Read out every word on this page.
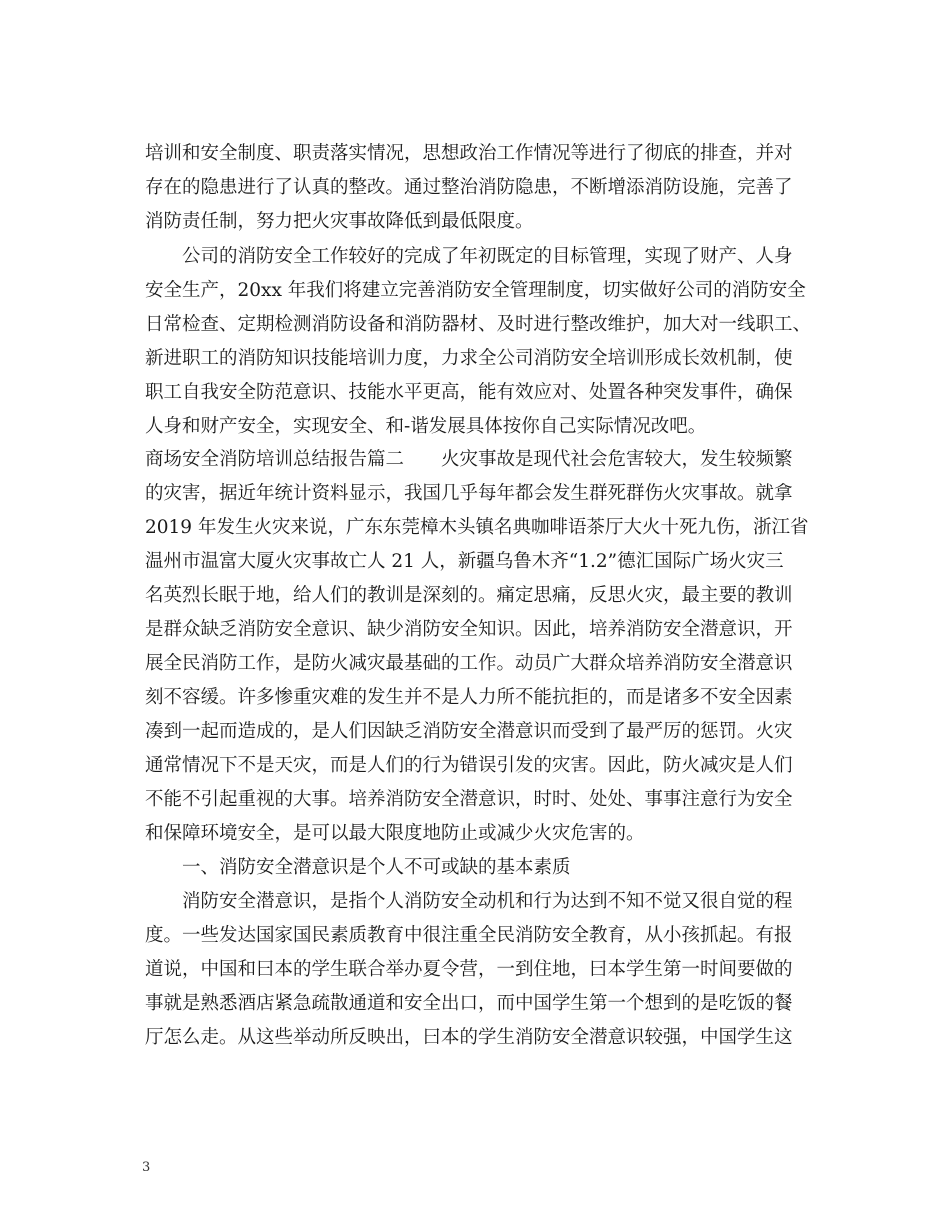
培训和安全制度、职责落实情况，思想政治工作情况等进行了彻底的排查，并对
存在的隐患进行了认真的整改。通过整治消防隐患，不断增添消防设施，完善了
消防责任制，努力把火灾事故降低到最低限度。
公司的消防安全工作较好的完成了年初既定的目标管理，实现了财产、人身
安全生产，20xx 年我们将建立完善消防安全管理制度，切实做好公司的消防安全
日常检查、定期检测消防设备和消防器材、及时进行整改维护，加大对一线职工、
新进职工的消防知识技能培训力度，力求全公司消防安全培训形成长效机制，使
职工自我安全防范意识、技能水平更高，能有效应对、处置各种突发事件，确保
人身和财产安全，实现安全、和-谐发展具体按你自己实际情况改吧。
商场安全消防培训总结报告篇二　　火灾事故是现代社会危害较大，发生较频繁
的灾害，据近年统计资料显示，我国几乎每年都会发生群死群伤火灾事故。就拿
2019 年发生火灾来说，广东东莞樟木头镇名典咖啡语茶厅大火十死九伤，浙江省
温州市温富大厦火灾事故亡人 21 人，新疆乌鲁木齐“1.2”德汇国际广场火灾三
名英烈长眠于地，给人们的教训是深刻的。痛定思痛，反思火灾，最主要的教训
是群众缺乏消防安全意识、缺少消防安全知识。因此，培养消防安全潜意识，开
展全民消防工作，是防火减灾最基础的工作。动员广大群众培养消防安全潜意识
刻不容缓。许多惨重灾难的发生并不是人力所不能抗拒的，而是诸多不安全因素
凑到一起而造成的，是人们因缺乏消防安全潜意识而受到了最严厉的惩罚。火灾
通常情况下不是天灾，而是人们的行为错误引发的灾害。因此，防火减灾是人们
不能不引起重视的大事。培养消防安全潜意识，时时、处处、事事注意行为安全
和保障环境安全，是可以最大限度地防止或减少火灾危害的。
一、消防安全潜意识是个人不可或缺的基本素质
消防安全潜意识，是指个人消防安全动机和行为达到不知不觉又很自觉的程
度。一些发达国家国民素质教育中很注重全民消防安全教育，从小孩抓起。有报
道说，中国和曰本的学生联合举办夏令营，一到住地，曰本学生第一时间要做的
事就是熟悉酒店紧急疏散通道和安全出口，而中国学生第一个想到的是吃饭的餐
厅怎么走。从这些举动所反映出，曰本的学生消防安全潜意识较强，中国学生这
3
